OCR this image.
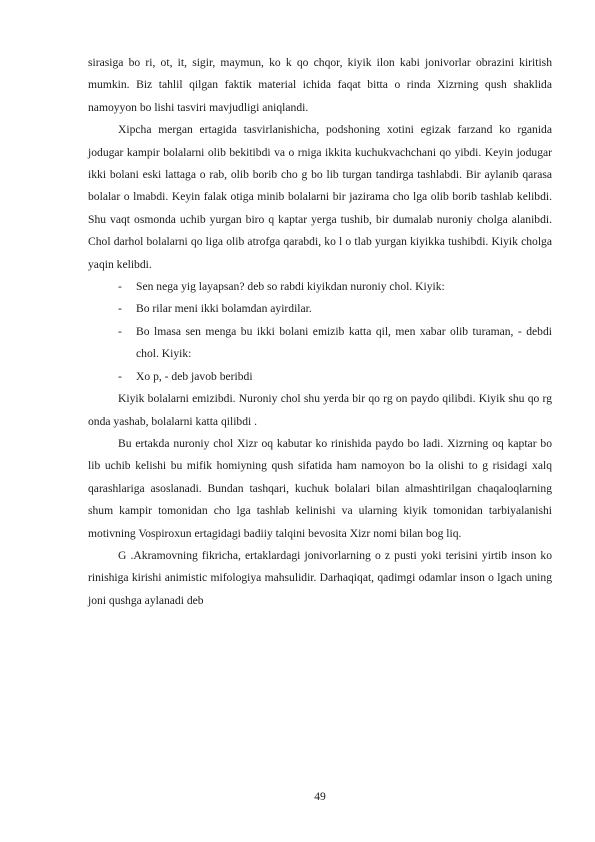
sirasiga bo ri, ot, it, sigir, maymun, ko k qo chqor, kiyik ilon kabi jonivorlar obrazini kiritish mumkin. Biz tahlil qilgan faktik material ichida faqat bitta o rinda Xizrning qush shaklida namoyyon bo lishi tasviri mavjudligi aniqlandi.

Xipcha mergan ertagida tasvirlanishicha, podshoning xotini egizak farzand ko rganida jodugar kampir bolalarni olib bekitibdi va o rniga ikkita kuchukvachchani qo yibdi. Keyin jodugar ikki bolani eski lattaga o rab, olib borib cho g bo lib turgan tandirga tashlabdi. Bir aylanib qarasa bolalar o lmabdi. Keyin falak otiga minib bolalarni bir jazirama cho lga olib borib tashlab kelibdi. Shu vaqt osmonda uchib yurgan biro q kaptar yerga tushib, bir dumalab nuroniy cholga alanibdi. Chol darhol bolalarni qo liga olib atrofga qarabdi, ko l o tlab yurgan kiyikka tushibdi. Kiyik cholga yaqin kelibdi.

-	Sen nega yig layapsan? deb so rabdi kiyikdan nuroniy chol. Kiyik:

-	Bo rilar meni ikki bolamdan ayirdilar.

-	Bo lmasa sen menga bu ikki bolani emizib katta qil, men xabar olib turaman, - debdi chol. Kiyik:

-	Xo p, - deb javob beribdi

Kiyik bolalarni emizibdi. Nuroniy chol shu yerda bir qo rg on paydo qilibdi. Kiyik shu qo rg onda yashab, bolalarni katta qilibdi .

Bu ertakda nuroniy chol Xizr oq kabutar ko rinishida paydo bo ladi. Xizrning oq kaptar bo lib uchib kelishi bu mifik homiyning qush sifatida ham namoyon bo la olishi to g risidagi xalq qarashlariga asoslanadi. Bundan tashqari, kuchuk bolalari bilan almashtirilgan chaqaloqlarning shum kampir tomonidan cho lga tashlab kelinishi va ularning kiyik tomonidan tarbiyalanishi motivning Vospiroxun ertagidagi badiiy talqini bevosita Xizr nomi bilan bog liq.

G .Akramovning fikricha, ertaklardagi jonivorlarning o z pusti yoki terisini yirtib inson ko rinishiga kirishi animistic mifologiya mahsulidir. Darhaqiqat, qadimgi odamlar inson o lgach uning joni qushga aylanadi deb

49
